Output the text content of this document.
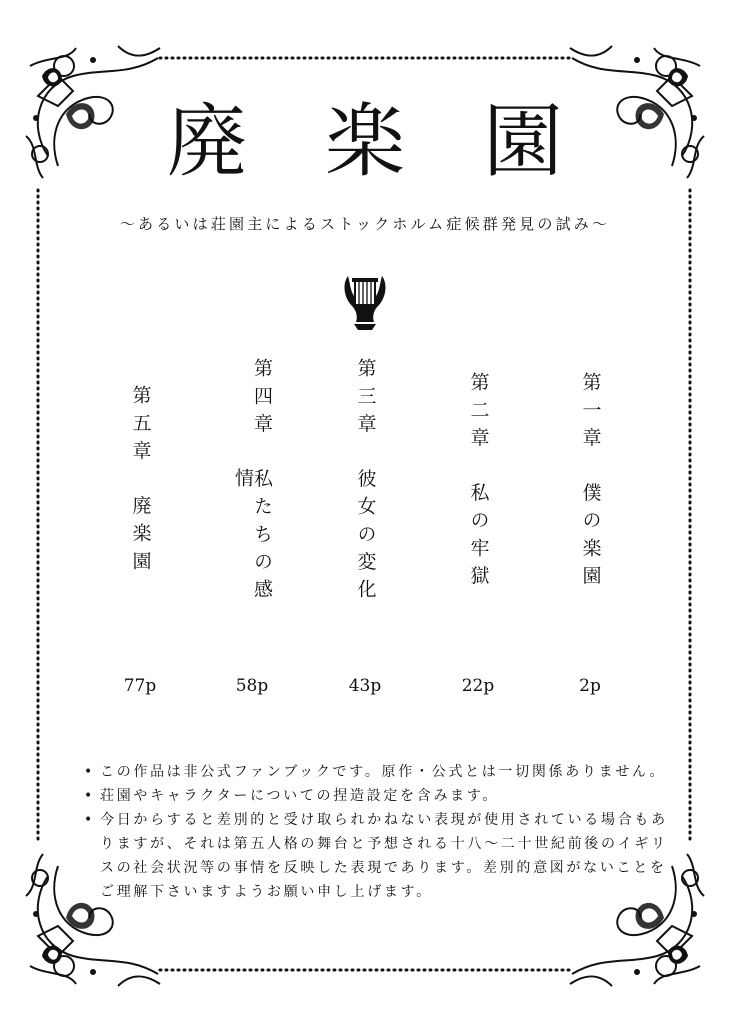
廃楽園
～あるいは荘園主によるストックホルム症候群発見の試み～
第一章　僕の楽園
2p
第二章　私の牢獄
22p
第三章　彼女の変化
43p
第四章　私たちの感情
58p
第五章　廃楽園
77p
• この作品は非公式ファンブックです。原作・公式とは一切関係ありません。
• 荘園やキャラクターについての捏造設定を含みます。
• 今日からすると差別的と受け取られかねない表現が使用されている場合もありますが、それは第五人格の舞台と予想される十八～二十世紀前後のイギリスの社会状況等の事情を反映した表現であります。差別的意図がないことをご理解下さいますようお願い申し上げます。
